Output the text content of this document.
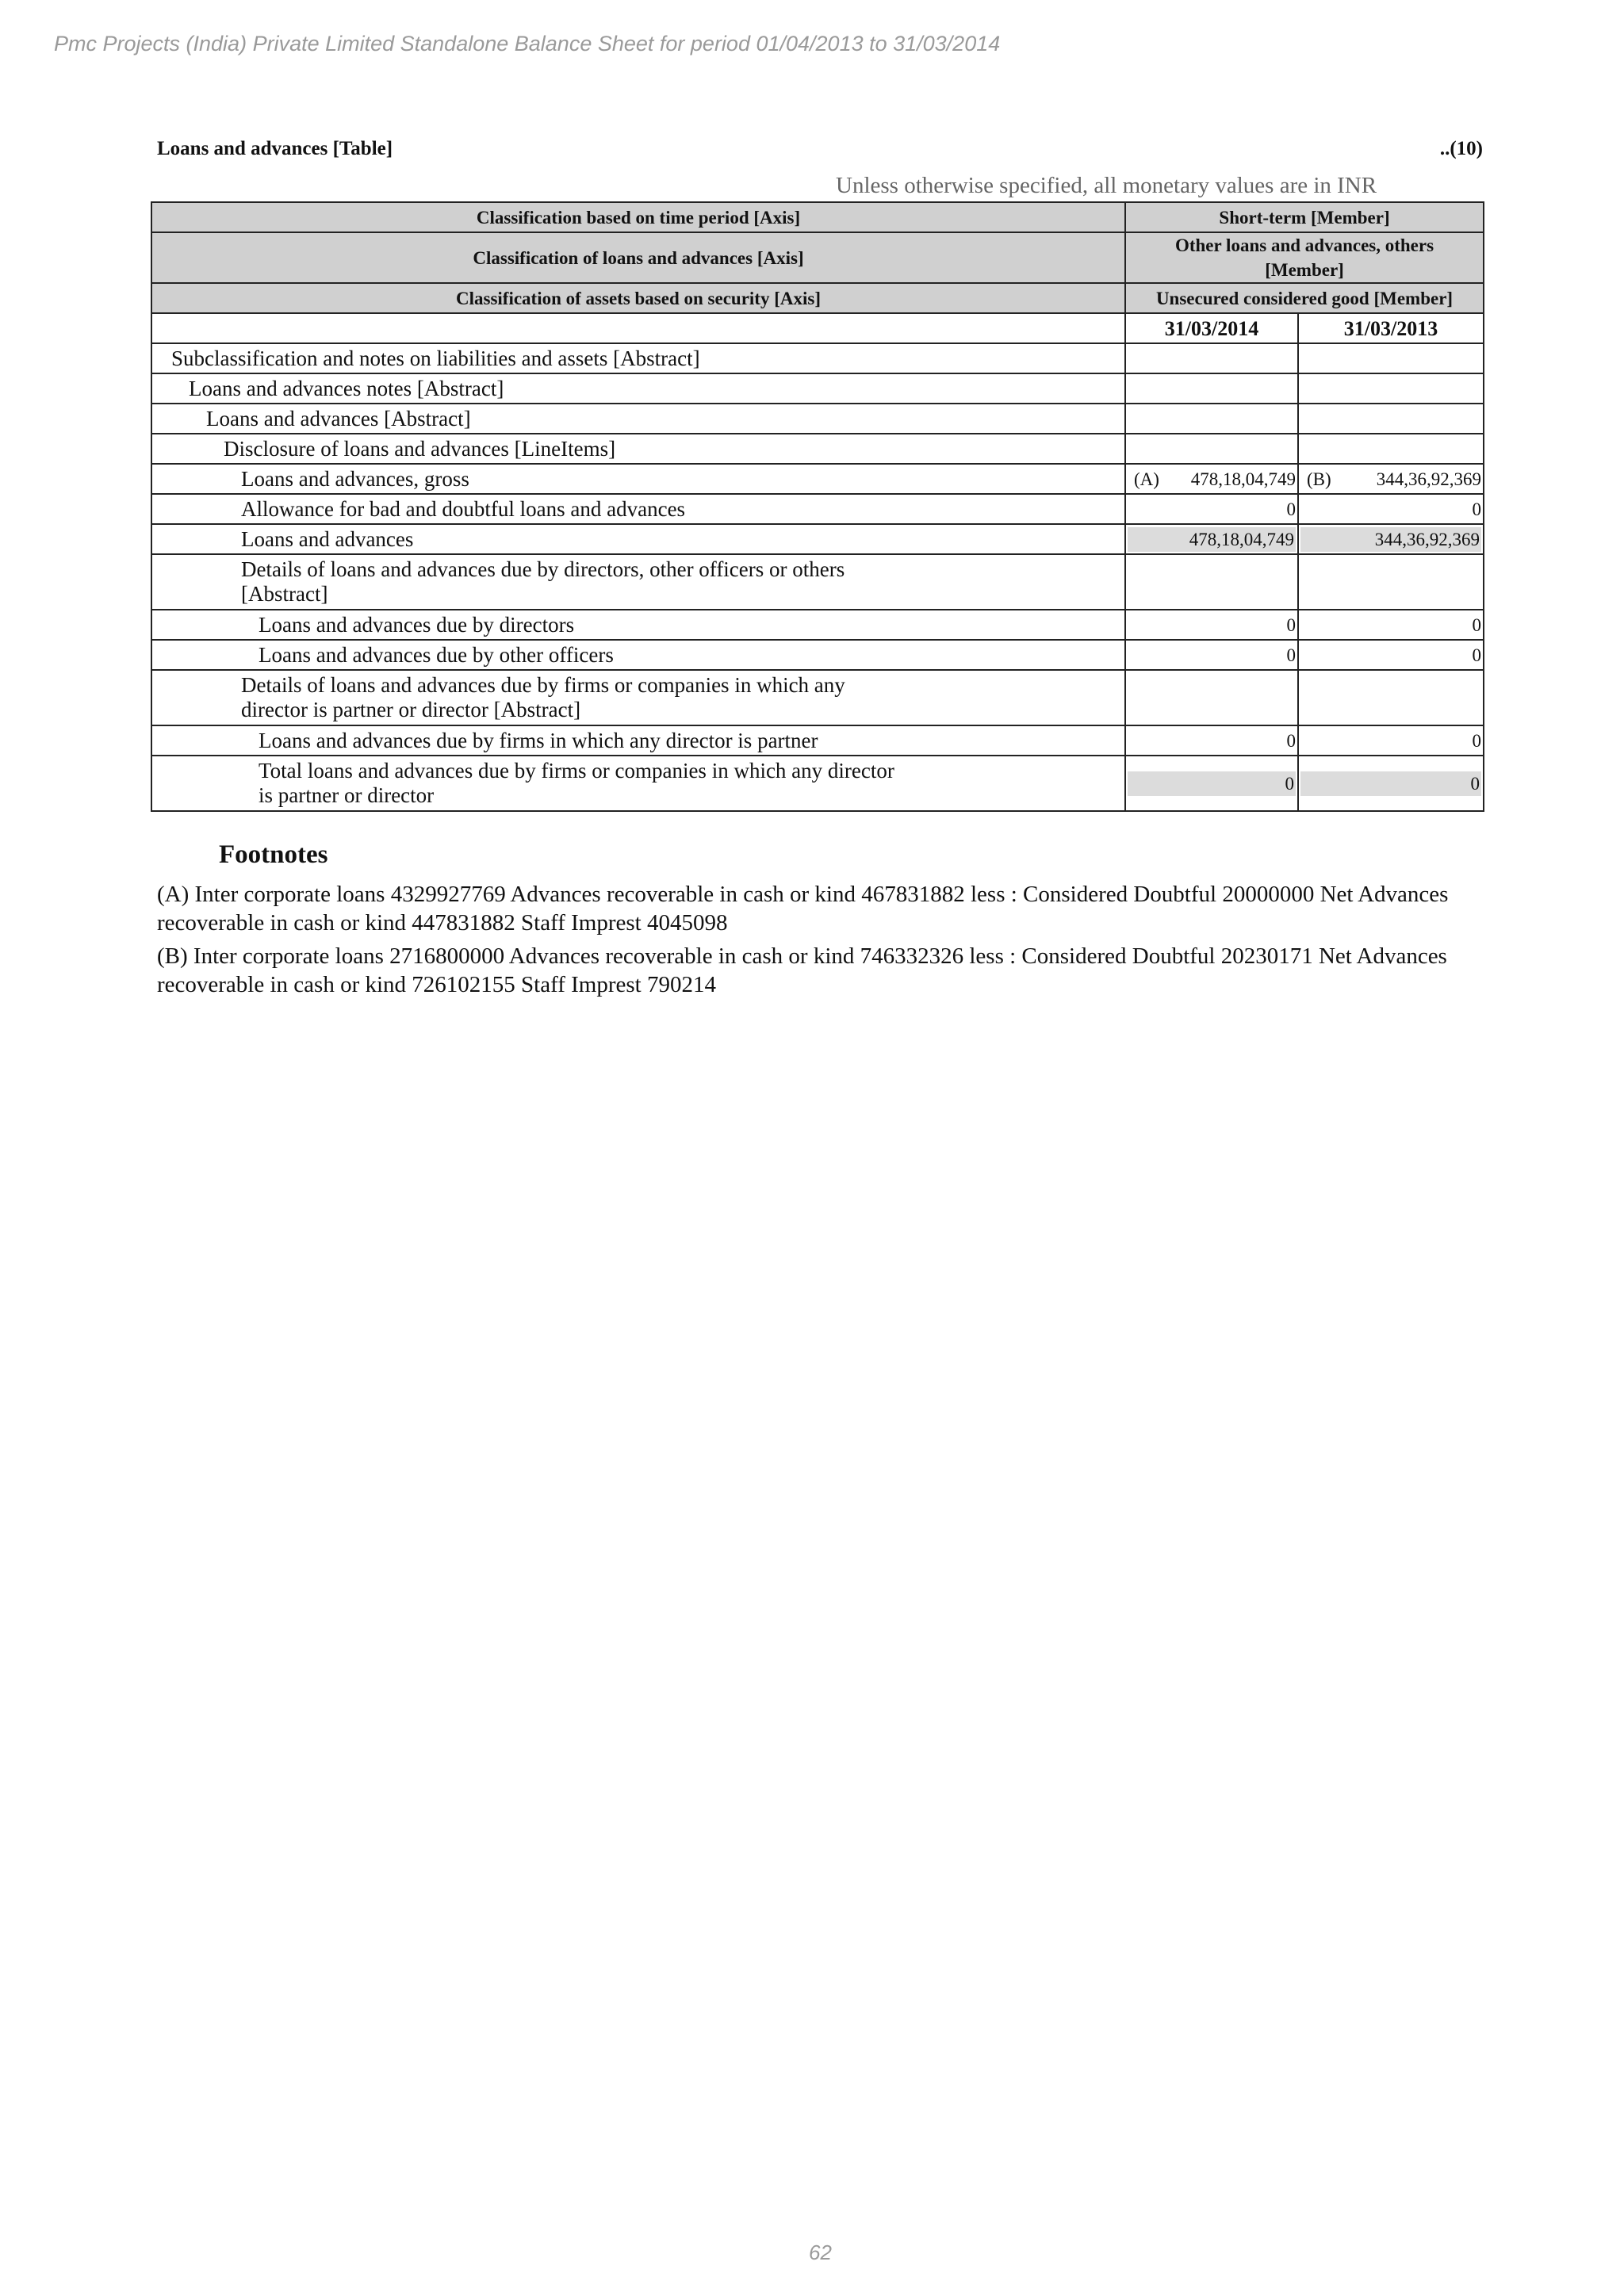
Pmc Projects (India) Private Limited Standalone Balance Sheet for period 01/04/2013 to 31/03/2014
Loans and advances [Table]	..(10)
Unless otherwise specified, all monetary values are in INR
Classification based on time period [Axis]	Short-term [Member]	
Classification of loans and advances [Axis]	Other loans and advances, others [Member]	
Classification of assets based on security [Axis]	Unsecured considered good [Member]	
	31/03/2014	31/03/2013
Subclassification and notes on liabilities and assets [Abstract]		
Loans and advances notes [Abstract]		
Loans and advances [Abstract]		
Disclosure of loans and advances [LineItems]		
Loans and advances, gross	(A) 478,18,04,749	(B) 344,36,92,369
Allowance for bad and doubtful loans and advances	0	0
Loans and advances	478,18,04,749	344,36,92,369

Details of loans and advances due by directors, other officers or others
[Abstract]		
Loans and advances due by directors	0	0
Loans and advances due by other officers	0	0
Details of loans and advances due by firms or companies in which any
director is partner or director [Abstract]		
Loans and advances due by firms in which any director is partner	0	0
Total loans and advances due by firms or companies in which any director
is partner or director	0	0
Footnotes
(A) Inter corporate loans 4329927769 Advances recoverable in cash or kind 467831882 less : Considered Doubtful 20000000 Net Advances recoverable in cash or kind 447831882 Staff Imprest 4045098
(B) Inter corporate loans 2716800000 Advances recoverable in cash or kind 746332326 less : Considered Doubtful 20230171 Net Advances recoverable in cash or kind 726102155 Staff Imprest 790214
62
